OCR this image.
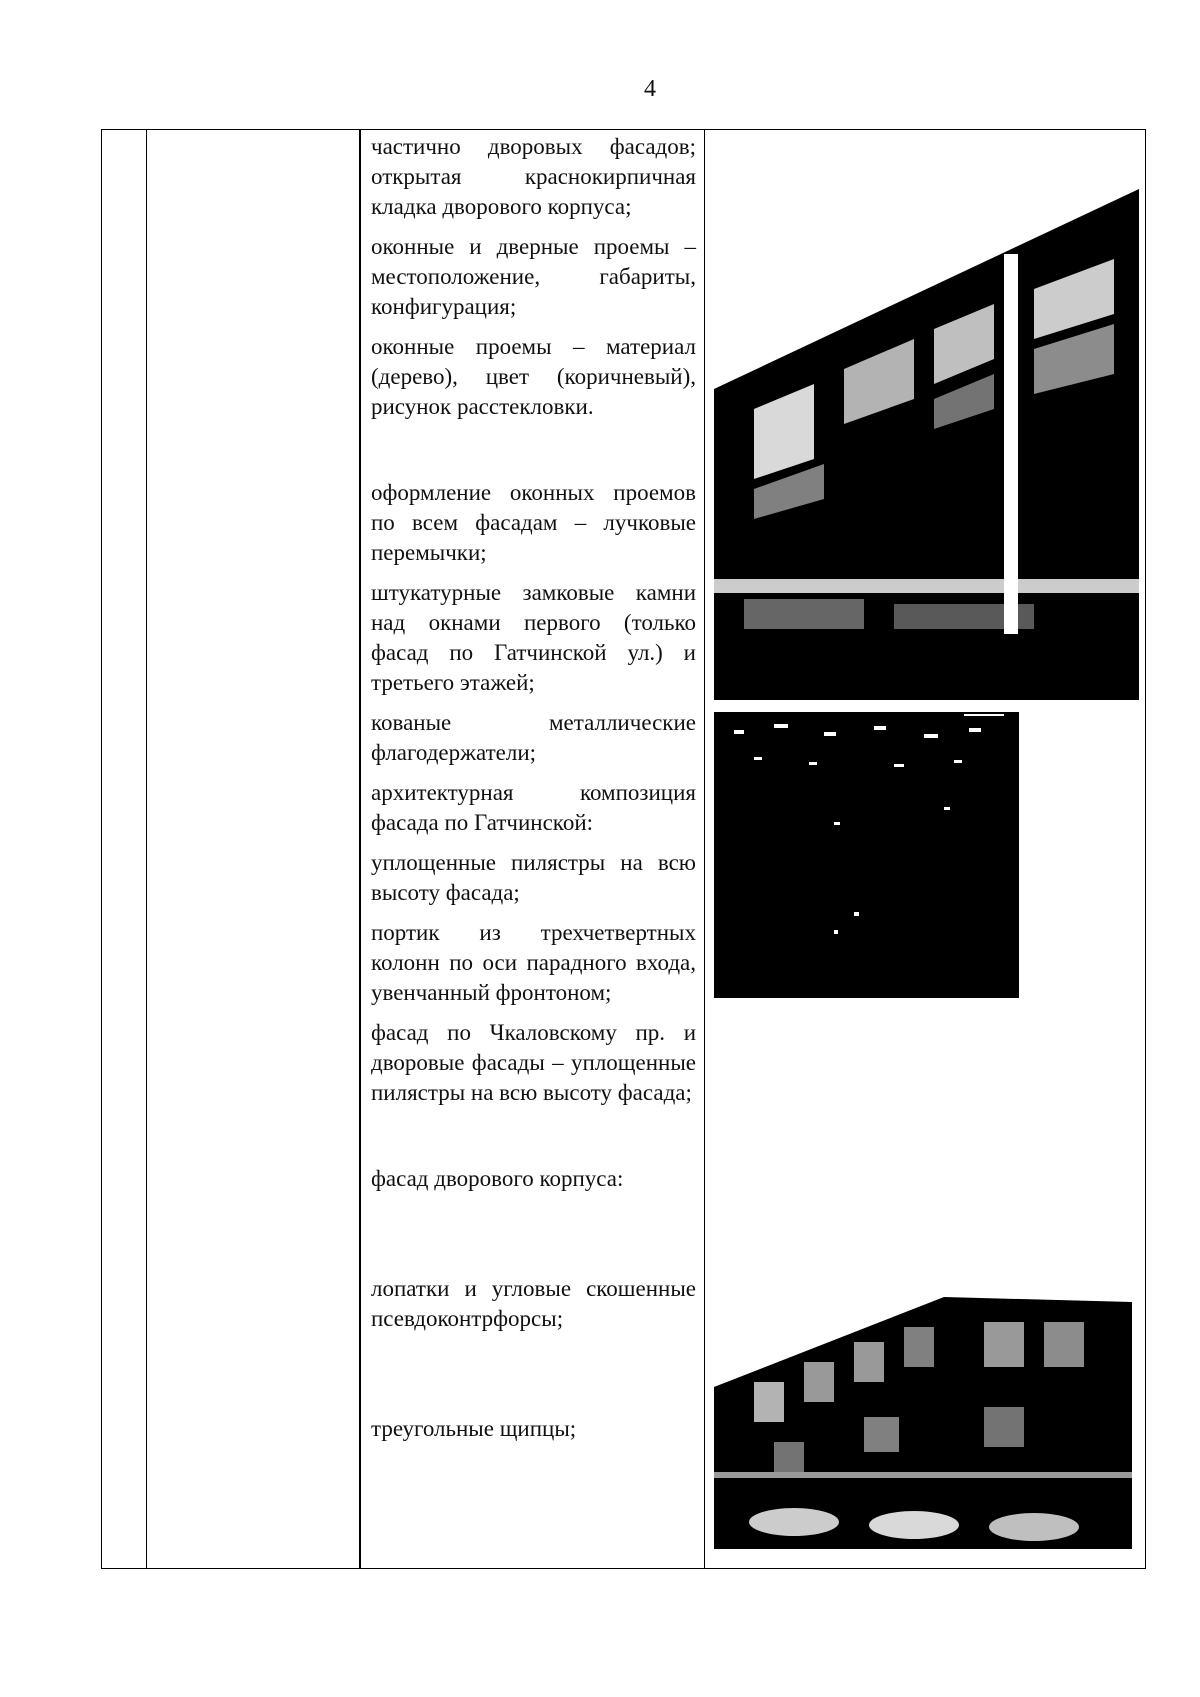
4

частично дворовых фасадов; открытая краснокирпичная кладка дворового корпуса;

оконные и дверные проемы – местоположение, габариты, конфигурация;

оконные проемы – материал (дерево), цвет (коричневый), рисунок расстекловки.

оформление оконных проемов по всем фасадам – лучковые перемычки;

штукатурные замковые камни над окнами первого (только фасад по Гатчинской ул.) и третьего этажей;

кованые металлические флагодержатели;

архитектурная композиция фасада по Гатчинской:

уплощенные пилястры на всю высоту фасада;

портик из трехчетвертных колонн по оси парадного входа, увенчанный фронтоном;

фасад по Чкаловскому пр. и дворовые фасады – уплощенные пилястры на всю высоту фасада;

фасад дворового корпуса:

лопатки и угловые скошенные псевдоконтрфорсы;

треугольные щипцы;
